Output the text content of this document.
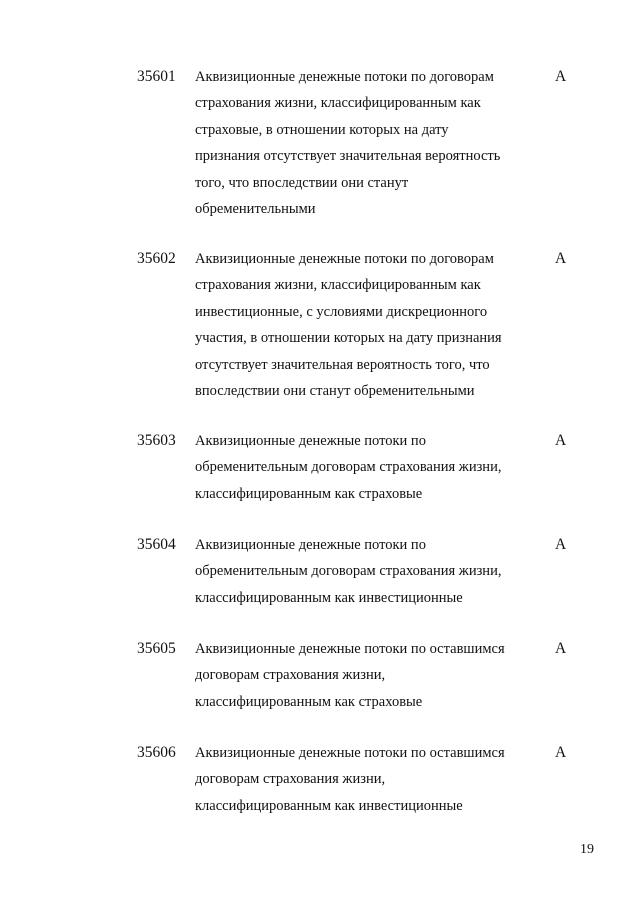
35601 Аквизиционные денежные потоки по договорам
страхования жизни, классифицированным как
страховые, в отношении которых на дату
признания отсутствует значительная вероятность
того, что впоследствии они станут
обременительными
А
35602 Аквизиционные денежные потоки по договорам
страхования жизни, классифицированным как
инвестиционные, с условиями дискреционного
участия, в отношении которых на дату признания
отсутствует значительная вероятность того, что
впоследствии они станут обременительными
А
35603 Аквизиционные денежные потоки по
обременительным договорам страхования жизни,
классифицированным как страховые
А
35604 Аквизиционные денежные потоки по
обременительным договорам страхования жизни,
классифицированным как инвестиционные
А
35605 Аквизиционные денежные потоки по оставшимся
договорам страхования жизни,
классифицированным как страховые
А
35606 Аквизиционные денежные потоки по оставшимся
договорам страхования жизни,
классифицированным как инвестиционные
А
19
